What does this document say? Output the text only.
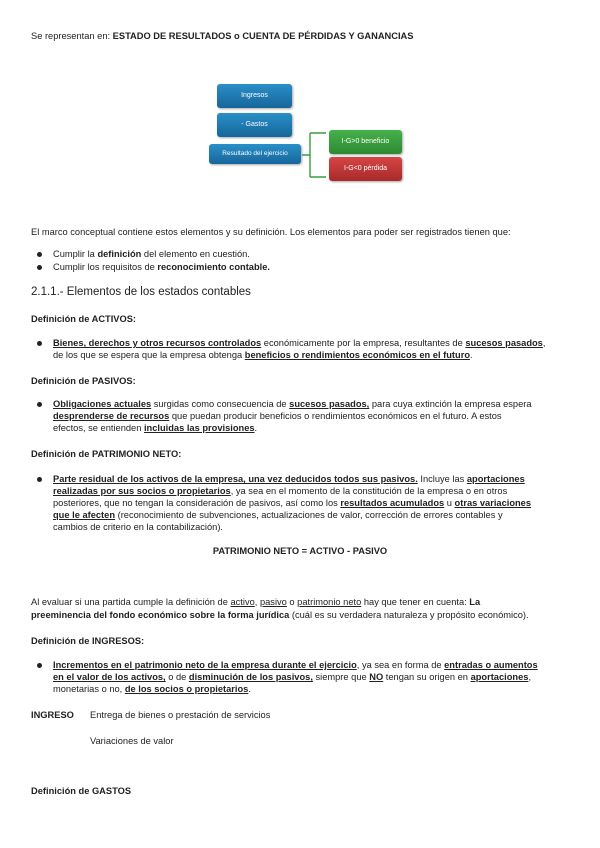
Se representan en: ESTADO DE RESULTADOS o CUENTA DE PÉRDIDAS Y GANANCIAS
Ingresos
- Gastos
Resultado del ejercicio
I-G>0 beneficio
I-G<0 pérdida
El marco conceptual contiene estos elementos y su definición. Los elementos para poder ser registrados tienen que:
Cumplir la definición del elemento en cuestión.
Cumplir los requisitos de reconocimiento contable.
2.1.1.- Elementos de los estados contables
Definición de ACTIVOS:
Bienes, derechos y otros recursos controlados económicamente por la empresa, resultantes de sucesos pasados,
de los que se espera que la empresa obtenga beneficios o rendimientos económicos en el futuro.
Definición de PASIVOS:
Obligaciones actuales surgidas como consecuencia de sucesos pasados, para cuya extinción la empresa espera
desprenderse de recursos que puedan producir beneficios o rendimientos económicos en el futuro. A estos
efectos, se entienden incluidas las provisiones.
Definición de PATRIMONIO NETO:
Parte residual de los activos de la empresa, una vez deducidos todos sus pasivos. Incluye las aportaciones
realizadas por sus socios o propietarios, ya sea en el momento de la constitución de la empresa o en otros
posteriores, que no tengan la consideración de pasivos, así como los resultados acumulados u otras variaciones
que le afecten (reconocimiento de subvenciones, actualizaciones de valor, corrección de errores contables y
cambios de criterio en la contabilización).
PATRIMONIO NETO = ACTIVO - PASIVO
Al evaluar si una partida cumple la definición de activo, pasivo o patrimonio neto hay que tener en cuenta: La
preeminencia del fondo económico sobre la forma jurídica (cuál es su verdadera naturaleza y propósito económico).
Definición de INGRESOS:
Incrementos en el patrimonio neto de la empresa durante el ejercicio, ya sea en forma de entradas o aumentos
en el valor de los activos, o de disminución de los pasivos, siempre que NO tengan su origen en aportaciones,
monetarias o no, de los socios o propietarios.
INGRESO Entrega de bienes o prestación de servicios
Variaciones de valor
Definición de GASTOS
